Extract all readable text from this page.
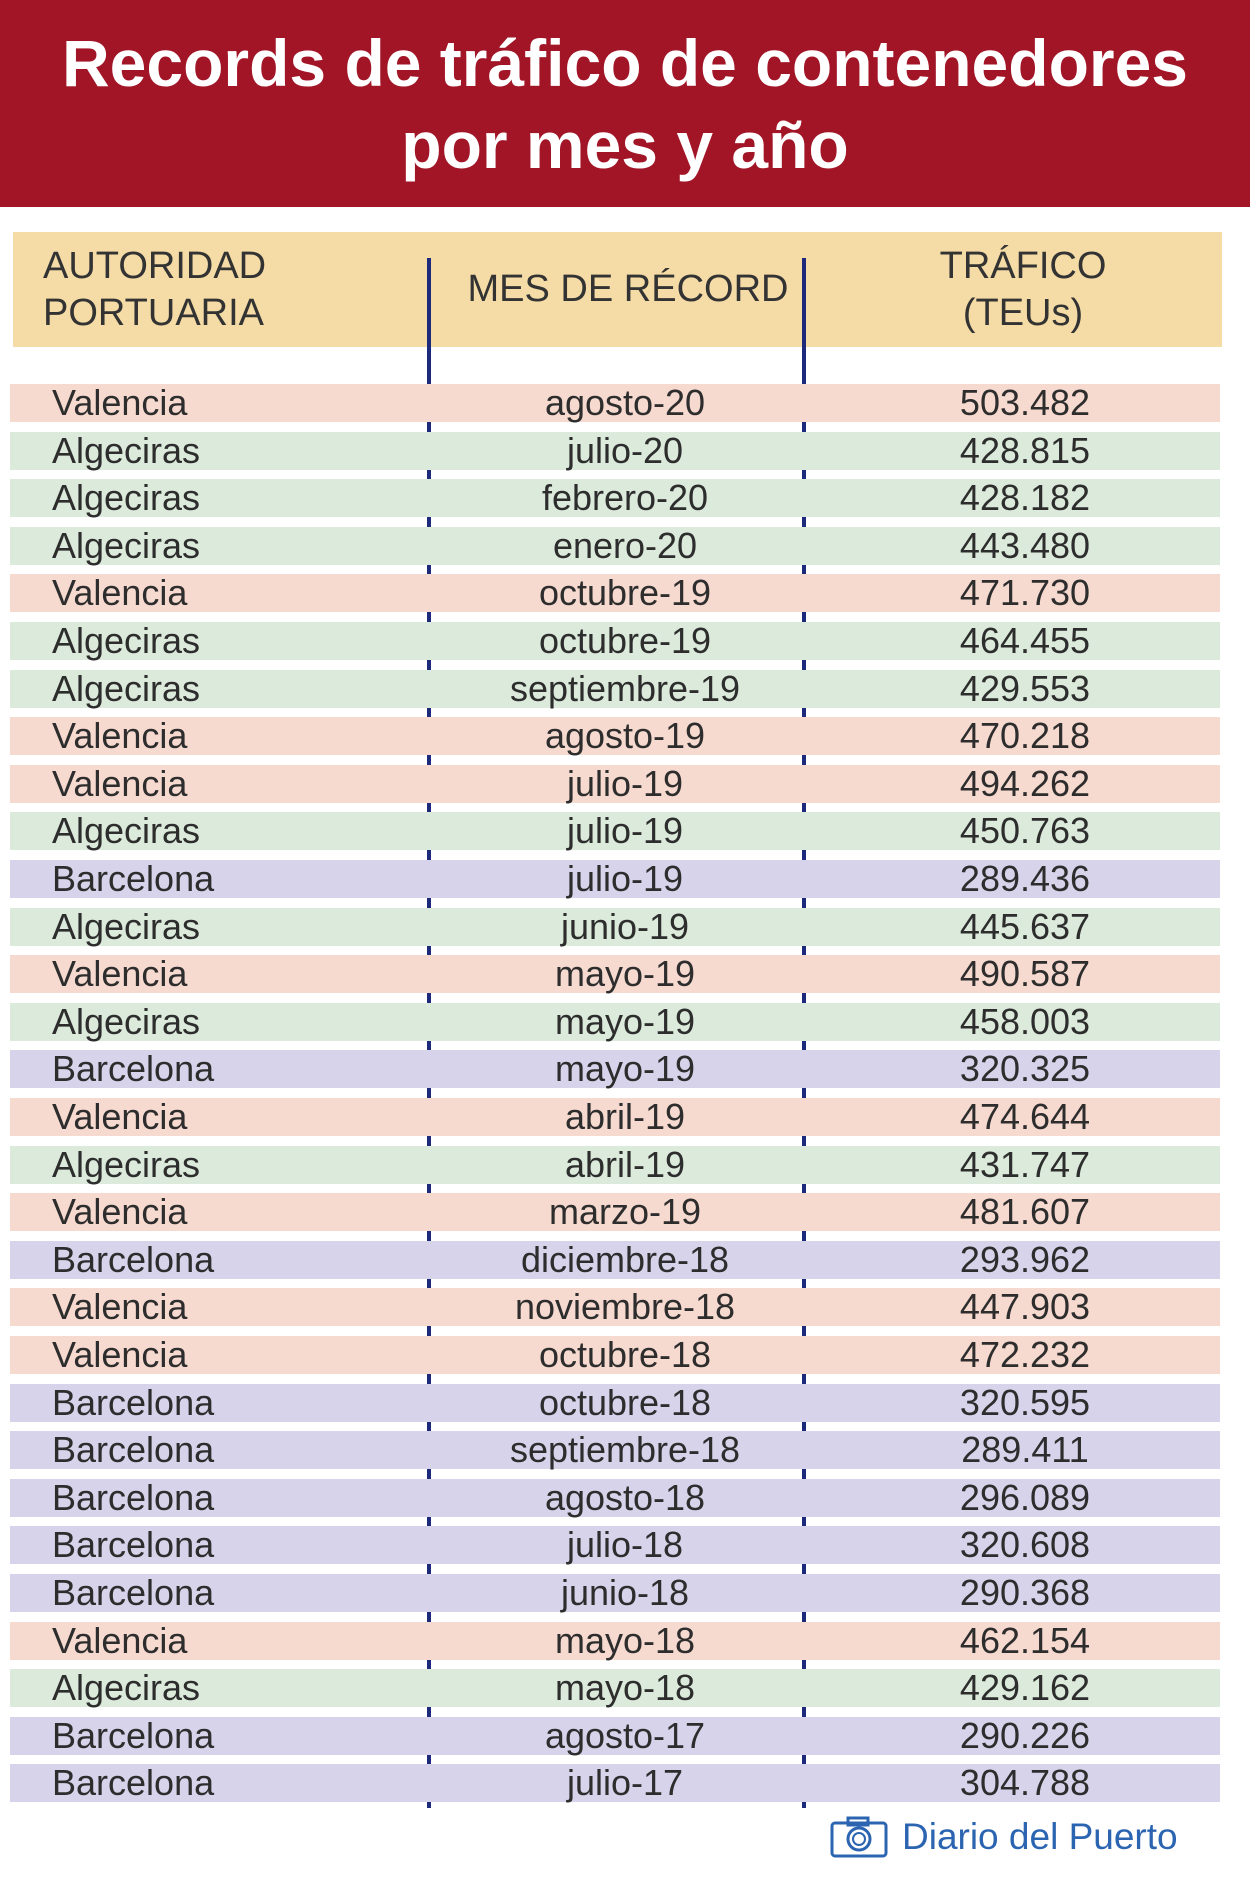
Records de tráfico de contenedores
por mes y año
AUTORIDAD
PORTUARIA
MES DE RÉCORD
TRÁFICO
(TEUs)
Valencia	agosto-20	503.482
Algeciras	julio-20	428.815
Algeciras	febrero-20	428.182
Algeciras	enero-20	443.480
Valencia	octubre-19	471.730
Algeciras	octubre-19	464.455
Algeciras	septiembre-19	429.553
Valencia	agosto-19	470.218
Valencia	julio-19	494.262
Algeciras	julio-19	450.763
Barcelona	julio-19	289.436
Algeciras	junio-19	445.637
Valencia	mayo-19	490.587
Algeciras	mayo-19	458.003
Barcelona	mayo-19	320.325
Valencia	abril-19	474.644
Algeciras	abril-19	431.747
Valencia	marzo-19	481.607
Barcelona	diciembre-18	293.962
Valencia	noviembre-18	447.903
Valencia	octubre-18	472.232
Barcelona	octubre-18	320.595
Barcelona	septiembre-18	289.411
Barcelona	agosto-18	296.089
Barcelona	julio-18	320.608
Barcelona	junio-18	290.368
Valencia	mayo-18	462.154
Algeciras	mayo-18	429.162
Barcelona	agosto-17	290.226
Barcelona	julio-17	304.788
Diario del Puerto
